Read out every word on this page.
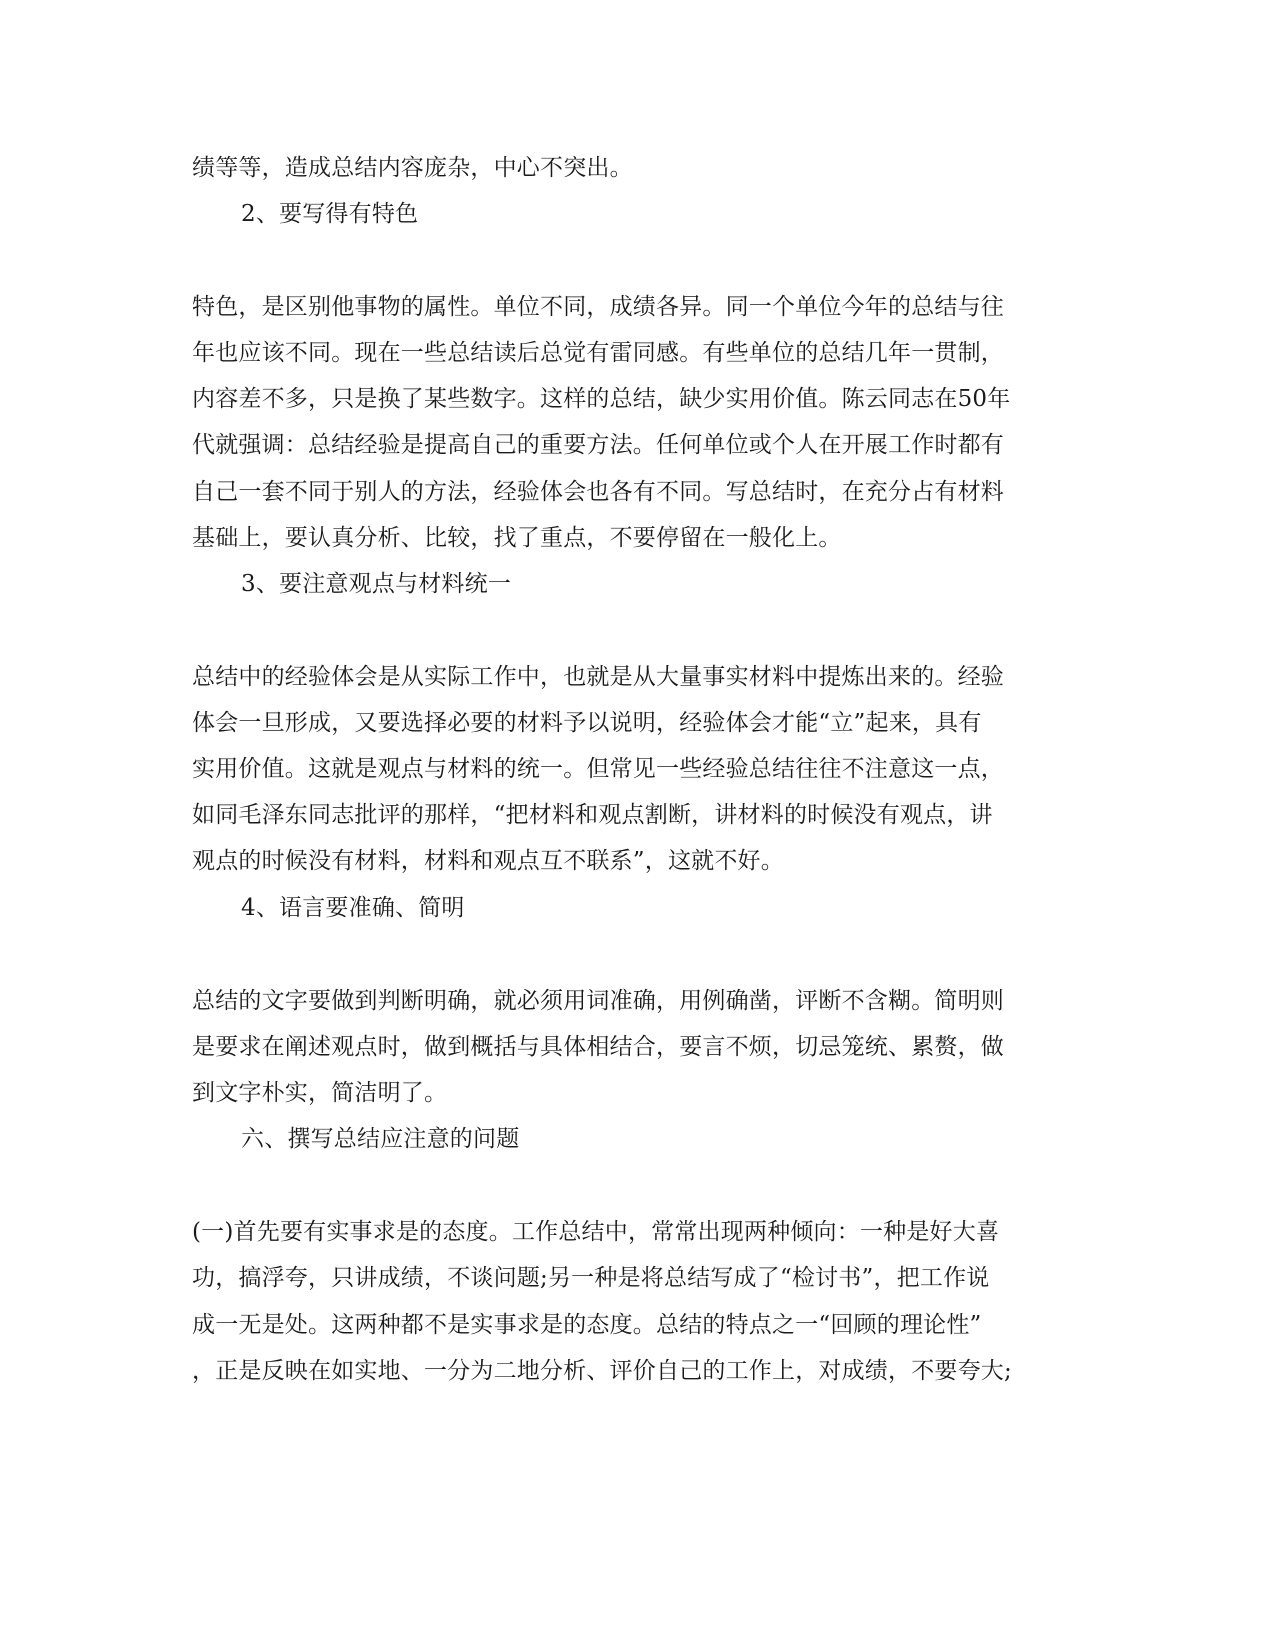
绩等等，造成总结内容庞杂，中心不突出。
2、要写得有特色
特色，是区别他事物的属性。单位不同，成绩各异。同一个单位今年的总结与往
年也应该不同。现在一些总结读后总觉有雷同感。有些单位的总结几年一贯制，
内容差不多，只是换了某些数字。这样的总结，缺少实用价值。陈云同志在50年
代就强调：总结经验是提高自己的重要方法。任何单位或个人在开展工作时都有
自己一套不同于别人的方法，经验体会也各有不同。写总结时，在充分占有材料
基础上，要认真分析、比较，找了重点，不要停留在一般化上。
3、要注意观点与材料统一
总结中的经验体会是从实际工作中，也就是从大量事实材料中提炼出来的。经验
体会一旦形成，又要选择必要的材料予以说明，经验体会才能“立”起来，具有
实用价值。这就是观点与材料的统一。但常见一些经验总结往往不注意这一点，
如同毛泽东同志批评的那样，“把材料和观点割断，讲材料的时候没有观点，讲
观点的时候没有材料，材料和观点互不联系”，这就不好。
4、语言要准确、简明
总结的文字要做到判断明确，就必须用词准确，用例确凿，评断不含糊。简明则
是要求在阐述观点时，做到概括与具体相结合，要言不烦，切忌笼统、累赘，做
到文字朴实，简洁明了。
六、撰写总结应注意的问题
(一)首先要有实事求是的态度。工作总结中，常常出现两种倾向：一种是好大喜
功，搞浮夸，只讲成绩，不谈问题;另一种是将总结写成了“检讨书”，把工作说
成一无是处。这两种都不是实事求是的态度。总结的特点之一“回顾的理论性”
，正是反映在如实地、一分为二地分析、评价自己的工作上，对成绩，不要夸大;
